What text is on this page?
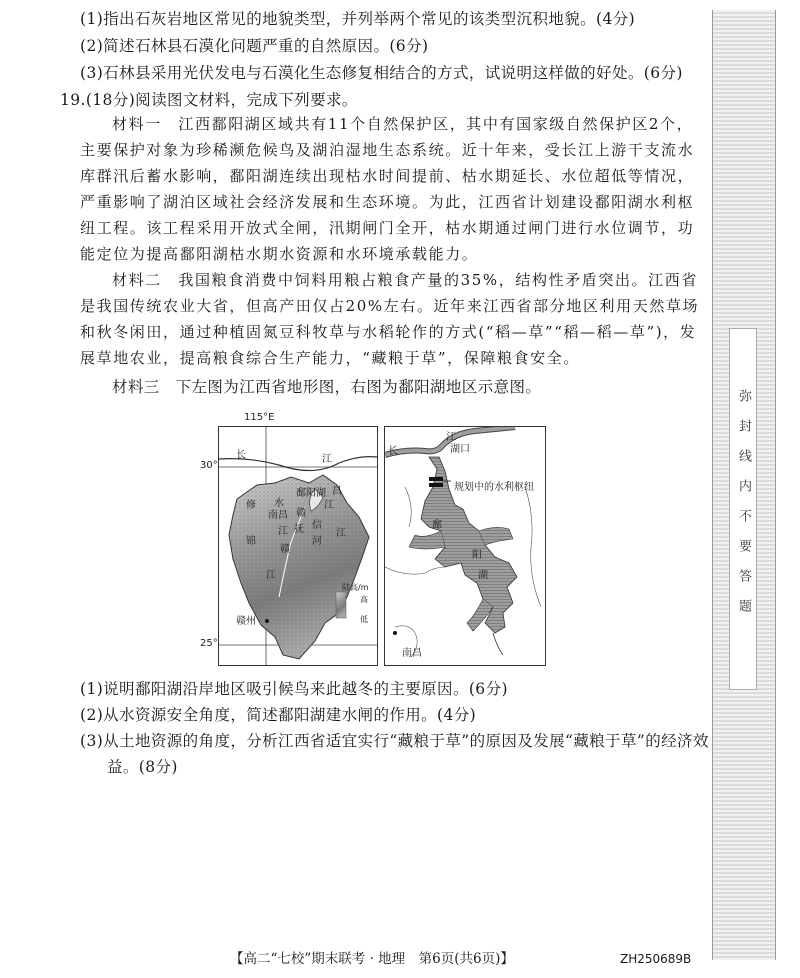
弥封线内不要答题
(1)指出石灰岩地区常见的地貌类型，并列举两个常见的该类型沉积地貌。(4分)
(2)简述石林县石漠化问题严重的自然原因。(6分)
(3)石林县采用光伏发电与石漠化生态修复相结合的方式，试说明这样做的好处。(6分)
19.(18分)阅读图文材料，完成下列要求。
材料一　江西鄱阳湖区域共有11个自然保护区，其中有国家级自然保护区2个，主要保护对象为珍稀濒危候鸟及湖泊湿地生态系统。近十年来，受长江上游干支流水库群汛后蓄水影响，鄱阳湖连续出现枯水时间提前、枯水期延长、水位超低等情况，严重影响了湖泊区域社会经济发展和生态环境。为此，江西省计划建设鄱阳湖水利枢纽工程。该工程采用开放式全闸，汛期闸门全开，枯水期通过闸门进行水位调节，功能定位为提高鄱阳湖枯水期水资源和水环境承载能力。
材料二　我国粮食消费中饲料用粮占粮食产量的35%，结构性矛盾突出。江西省是我国传统农业大省，但高产田仅占20%左右。近年来江西省部分地区利用天然草场和秋冬闲田，通过种植固氮豆科牧草与水稻轮作的方式(“稻—草”“稻—稻—草”)，发展草地农业，提高粮食综合生产能力，“藏粮于草”，保障粮食安全。
材料三　下左图为江西省地形图，右图为鄱阳湖地区示意图。
115°E
30°
25°
长	江
修 水
鄱阳湖
南昌
昌
赣
江
抚 信
河
江
江
锦
赣
江
赣州
陆高/m
高
低
江
湖口
长
规划中的水利枢纽
鄱
阳
湖
南昌
(1)说明鄱阳湖沿岸地区吸引候鸟来此越冬的主要原因。(6分)
(2)从水资源安全角度，简述鄱阳湖建水闸的作用。(4分)
(3)从土地资源的角度，分析江西省适宜实行“藏粮于草”的原因及发展“藏粮于草”的经济效
益。(8分)
【高二“七校”期末联考 · 地理　第6页(共6页)】	ZH250689B
